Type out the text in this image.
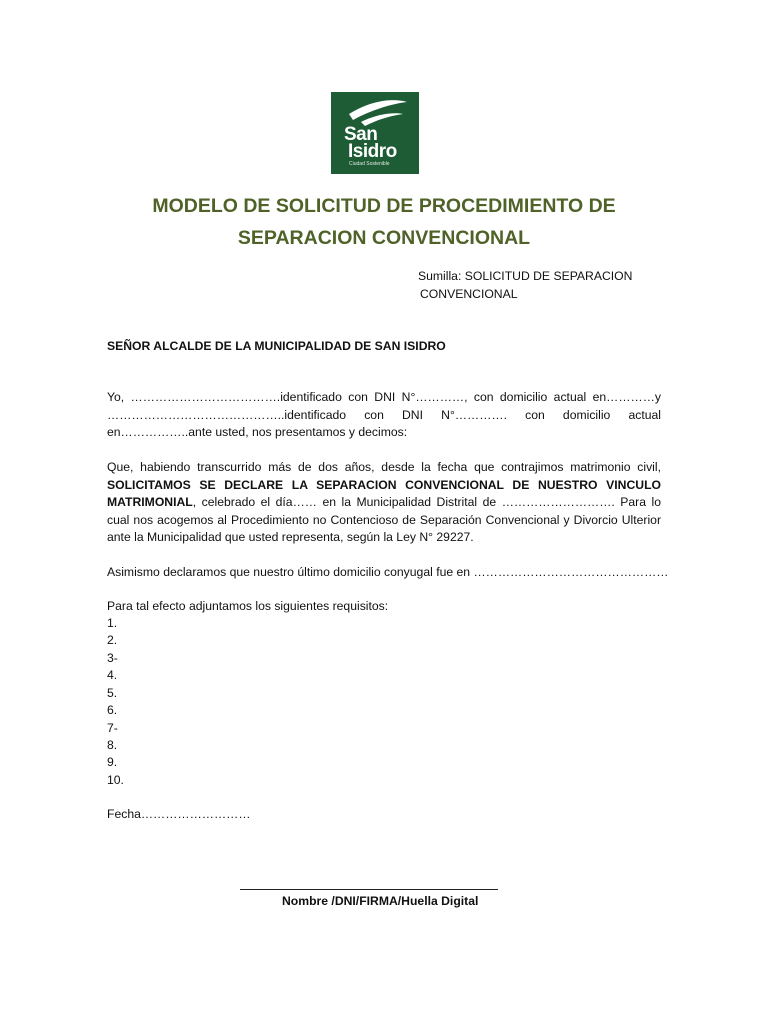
San
Isidro
Ciudad Sostenible
MODELO DE SOLICITUD DE PROCEDIMIENTO DE
SEPARACION CONVENCIONAL
Sumilla: SOLICITUD DE SEPARACION
CONVENCIONAL
SEÑOR ALCALDE DE LA MUNICIPALIDAD DE SAN ISIDRO
Yo, ……………………………….identificado con DNI N°…………, con domicilio actual en…………y ……………………………………..identificado con DNI N°…………. con domicilio actual en……………..ante usted, nos presentamos y decimos:
Que, habiendo transcurrido más de dos años, desde la fecha que contrajimos matrimonio civil, SOLICITAMOS SE DECLARE LA SEPARACION CONVENCIONAL DE NUESTRO VINCULO MATRIMONIAL, celebrado el día…… en la Municipalidad Distrital de ………………………. Para lo cual nos acogemos al Procedimiento no Contencioso de Separación Convencional y Divorcio Ulterior ante la Municipalidad que usted representa, según la Ley N° 29227.
Asimismo declaramos que nuestro último domicilio conyugal fue en …………………………………………
Para tal efecto adjuntamos los siguientes requisitos:
1.
2.
3-
4.
5.
6.
7-
8.
9.
10.
Fecha………………………
Nombre /DNI/FIRMA/Huella Digital
